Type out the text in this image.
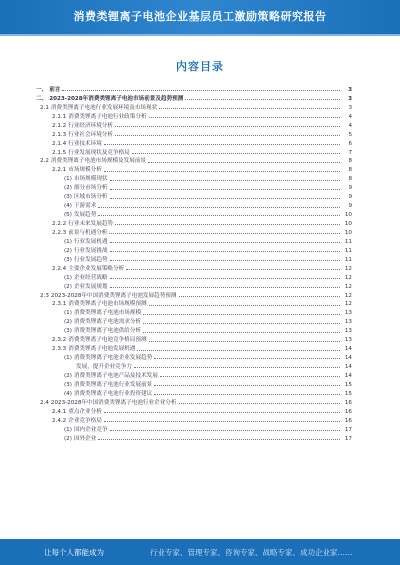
消费类锂离子电池企业基层员工激励策略研究报告
内容目录
一、 前言	3
二、 2023-2028年消费类锂离子电池市场前景及趋势预测	3
2.1 消费类锂离子电池行业发展环境及市场现状	3
2.1.1 消费类锂离子电池行业政策分析	4
2.1.2 行业经济环境分析	4
2.1.3 行业社会环境分析	5
2.1.4 行业技术环境	6
2.1.5 行业发展现状及竞争格局	7
2.2 消费类锂离子电池市场规模及发展前景	8
2.2.1 市场规模分析	8
(1) 市场规模现状	8
(2) 细分市场分析	9
(3) 区域市场分析	9
(4) 下游需求	9
(5) 发展趋势	10
2.2.2 行业未来发展趋势	10
2.2.3 前景与机遇分析	10
(1) 行业发展机遇	11
(2) 行业发展挑战	11
(3) 行业发展趋势	11
2.2.4 主要企业发展策略分析	12
(1) 企业经营战略	12
(2) 企业发展规划	12
2.3 2023-2028年中国消费类锂离子电池发展趋势预测	12
2.3.1 消费类锂离子电池市场规模预测	12
(1) 消费类锂离子电池市场规模	13
(2) 消费类锂离子电池需求分析	13
(3) 消费类锂离子电池供给分析	13
2.3.2 消费类锂离子电池竞争格局预测	13
2.3.3 消费类锂离子电池发展机遇	14
(1) 消费类锂离子电池企业发展趋势	14
发展，提升企业竞争力	14
(2) 消费类锂离子电池产品及技术发展	14
(3) 消费类锂离子电池行业发展前景	15
(4) 消费类锂离子电池行业投资建议	15
2.4 2023-2028年中国消费类锂离子电池行业企业分析	16
2.4.1 重点企业分析	16
2.4.2 企业竞争格局	16
(1) 国内企业竞争	17
(2) 国外企业	17
让每个人都能成为	行业专家、管理专家、咨询专家、战略专家、成功企业家……
